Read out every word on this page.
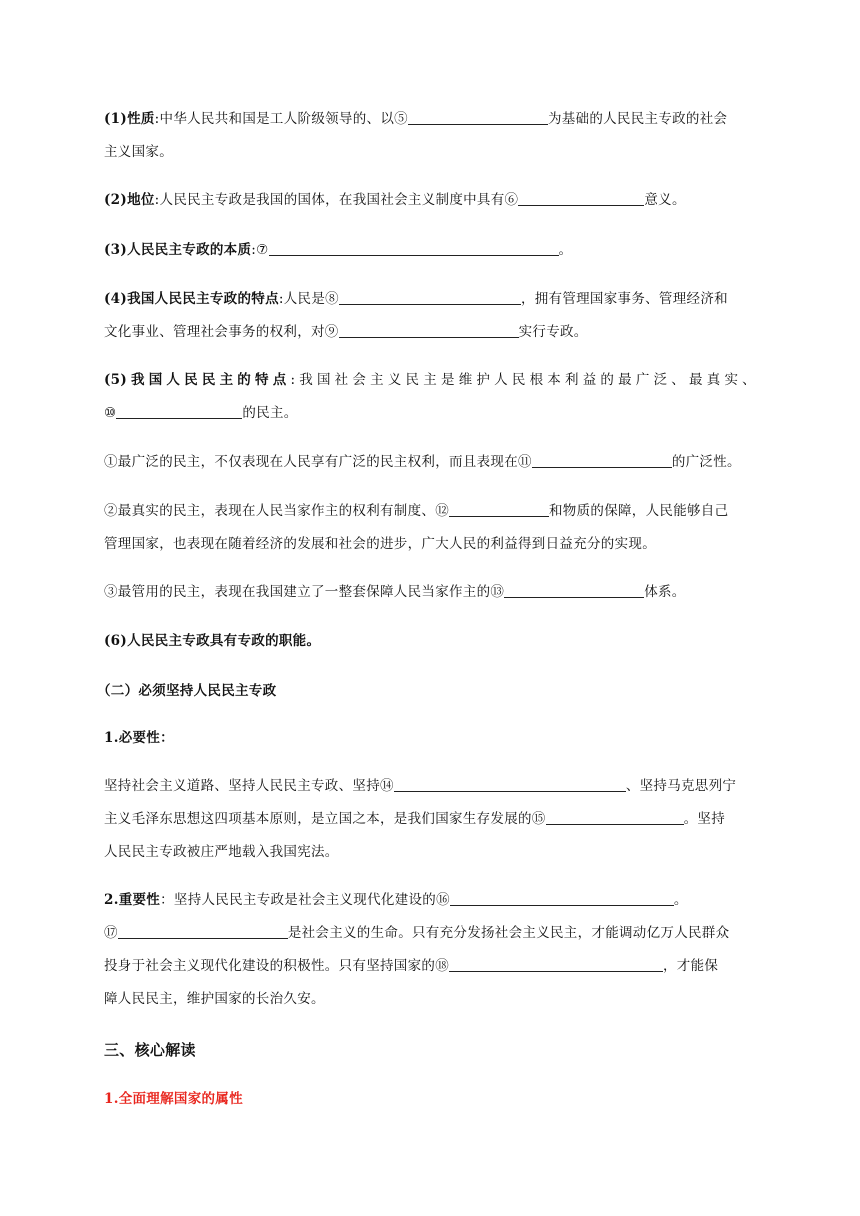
(1)性质:中华人民共和国是工人阶级领导的、以⑤	为基础的人民民主专政的社会
主义国家。
(2)地位:人民民主专政是我国的国体，在我国社会主义制度中具有⑥	意义。
(3)人民民主专政的本质:⑦	。
(4)我国人民民主专政的特点:人民是⑧	，拥有管理国家事务、管理经济和
文化事业、管理社会事务的权利，对⑨	实行专政。
(5)我国人民民主的特点:我国社会主义民主是维护人民根本利益的最广泛、最真实、
⑩	的民主。
①最广泛的民主，不仅表现在人民享有广泛的民主权利，而且表现在⑪	的广泛性。
②最真实的民主，表现在人民当家作主的权利有制度、⑫	和物质的保障，人民能够自己
管理国家，也表现在随着经济的发展和社会的进步，广大人民的利益得到日益充分的实现。
③最管用的民主，表现在我国建立了一整套保障人民当家作主的⑬	体系。
(6)人民民主专政具有专政的职能。
（二）必须坚持人民民主专政
1.必要性：
坚持社会主义道路、坚持人民民主专政、坚持⑭	、坚持马克思列宁
主义毛泽东思想这四项基本原则，是立国之本，是我们国家生存发展的⑮	。坚持
人民民主专政被庄严地载入我国宪法。
2.重要性：坚持人民民主专政是社会主义现代化建设的⑯	。
⑰	是社会主义的生命。只有充分发扬社会主义民主，才能调动亿万人民群众
投身于社会主义现代化建设的积极性。只有坚持国家的⑱	，才能保
障人民民主，维护国家的长治久安。
三、核心解读
1.全面理解国家的属性
